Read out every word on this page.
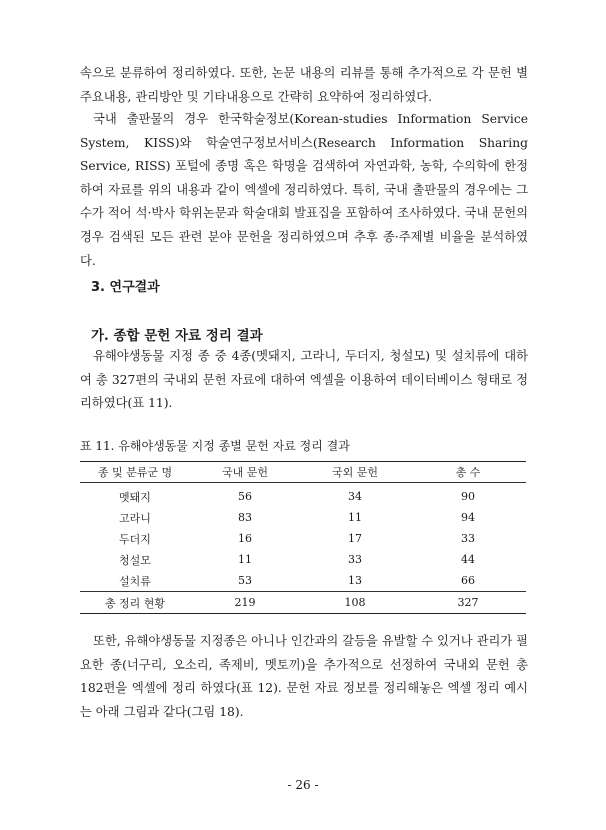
속으로 분류하여 정리하였다. 또한, 논문 내용의 리뷰를 통해 추가적으로 각 문헌 별 주요내용, 관리방안 및 기타내용으로 간략히 요약하여 정리하였다.

국내 출판물의 경우 한국학술정보(Korean-studies Information Service System, KISS)와 학술연구정보서비스(Research Information Sharing Service, RISS) 포털에 종명 혹은 학명을 검색하여 자연과학, 농학, 수의학에 한정하여 자료를 위의 내용과 같이 엑셀에 정리하였다. 특히, 국내 출판물의 경우에는 그 수가 적어 석·박사 학위논문과 학술대회 발표집을 포함하여 조사하였다. 국내 문헌의 경우 검색된 모든 관련 분야 문헌을 정리하였으며 추후 종·주제별 비율을 분석하였다.

3. 연구결과
가. 종합 문헌 자료 정리 결과

유해야생동물 지정 종 중 4종(멧돼지, 고라니, 두더지, 청설모) 및 설치류에 대하여 총 327편의 국내외 문헌 자료에 대하여 엑셀을 이용하여 데이터베이스 형태로 정리하였다(표 11).

표 11. 유해야생동물 지정 종별 문헌 자료 정리 결과

종 및 분류군 명	국내 문헌	국외 문헌	총 수
멧돼지	56	34	90
고라니	83	11	94
두더지	16	17	33
청설모	11	33	44
설치류	53	13	66
총 정리 현황	219	108	327

또한, 유해야생동물 지정종은 아니나 인간과의 갈등을 유발할 수 있거나 관리가 필요한 종(너구리, 오소리, 족제비, 멧토끼)을 추가적으로 선정하여 국내외 문헌 총 182편을 엑셀에 정리 하였다(표 12). 문헌 자료 정보를 정리해놓은 엑셀 정리 예시는 아래 그림과 같다(그림 18).

- 26 -
